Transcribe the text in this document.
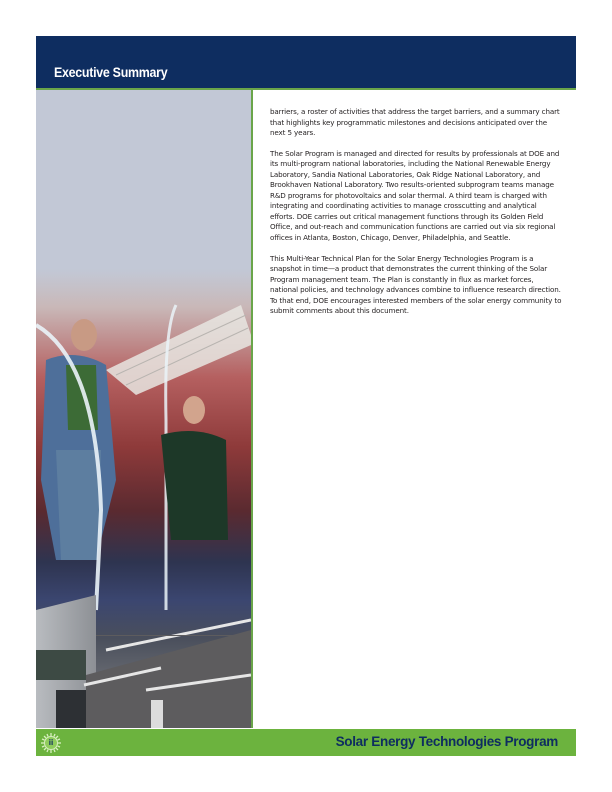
Executive Summary

barriers, a roster of activities that address the target barriers, and a summary chart that highlights key programmatic milestones and decisions anticipated over the next 5 years.

The Solar Program is managed and directed for results by professionals at DOE and its multi-program national laboratories, including the National Renewable Energy Laboratory, Sandia National Laboratories, Oak Ridge National Laboratory, and Brookhaven National Laboratory. Two results-oriented subprogram teams manage R&D programs for photovoltaics and solar thermal. A third team is charged with integrating and coordinating activities to manage crosscutting and analytical efforts. DOE carries out critical management functions through its Golden Field Office, and out-reach and communication functions are carried out via six regional offices in Atlanta, Boston, Chicago, Denver, Philadelphia, and Seattle.

This Multi-Year Technical Plan for the Solar Energy Technologies Program is a snapshot in time—a product that demonstrates the current thinking of the Solar Program management team. The Plan is constantly in flux as market forces, national policies, and technology advances combine to influence research direction. To that end, DOE encourages interested members of the solar energy community to submit comments about this document.

ii	Solar Energy Technologies Program
